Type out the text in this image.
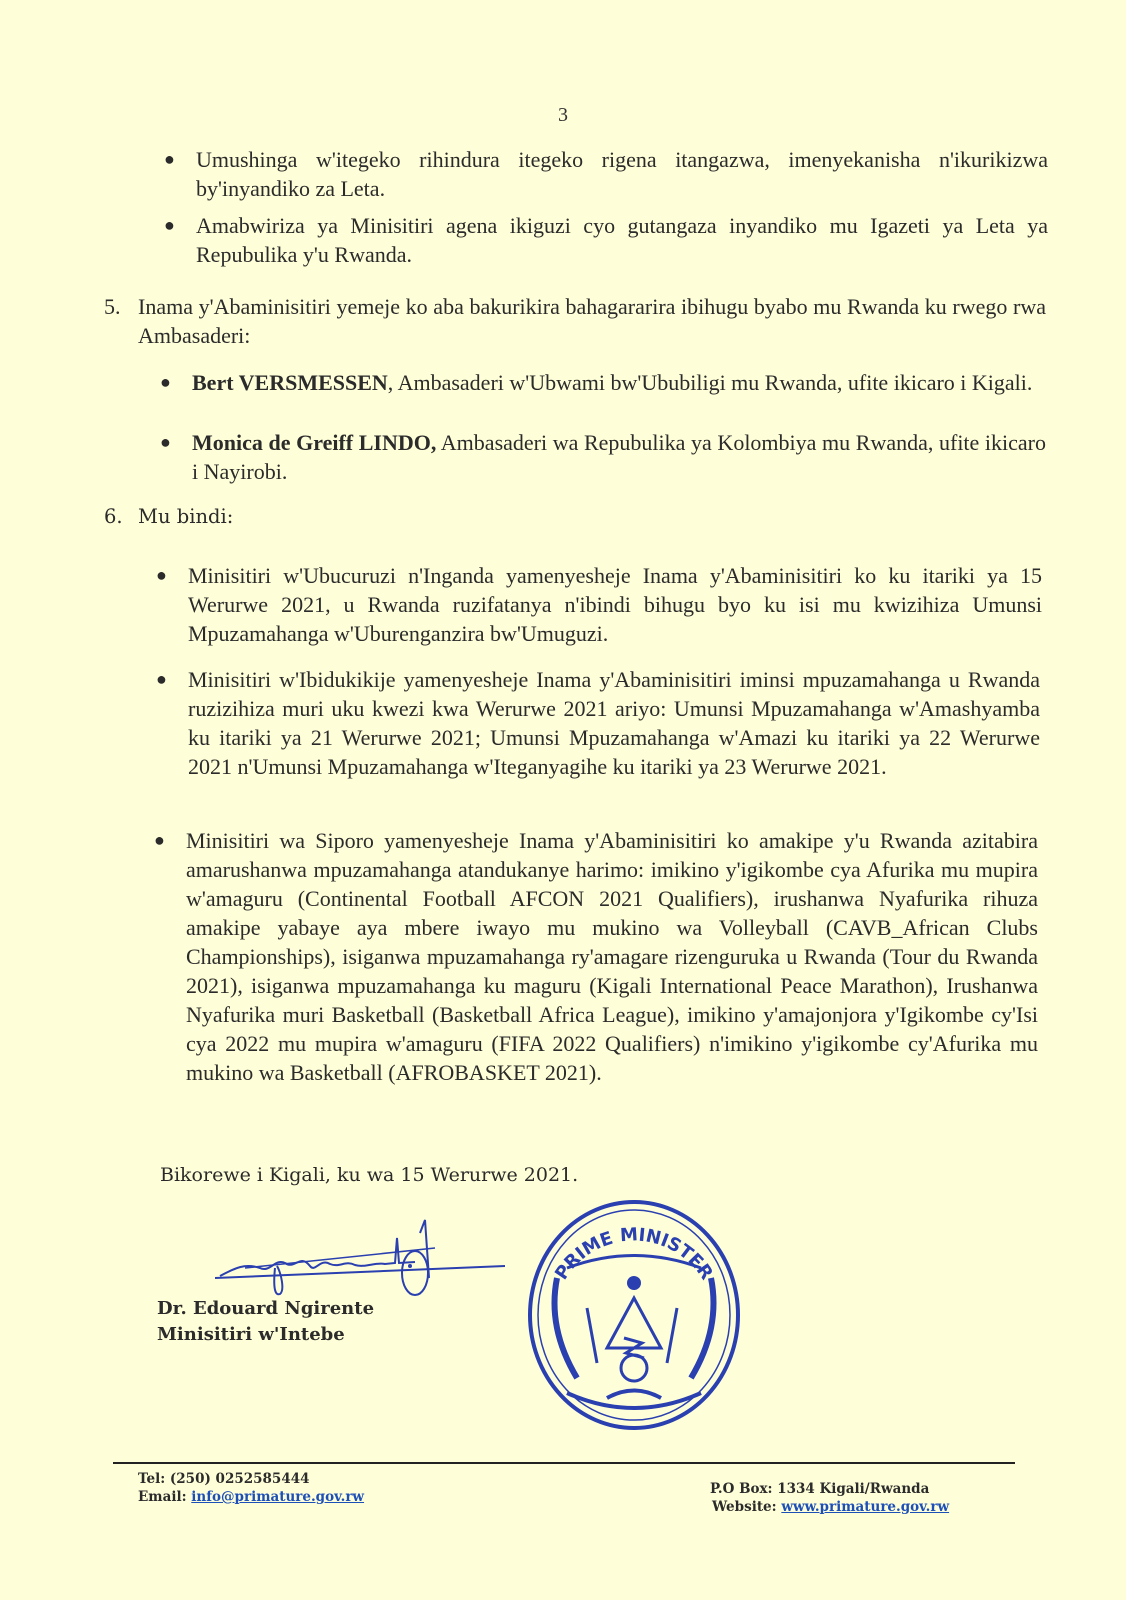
3
● Umushinga w'itegeko rihindura itegeko rigena itangazwa, imenyekanisha n'ikurikizwa by'inyandiko za Leta.
● Amabwiriza ya Minisitiri agena ikiguzi cyo gutangaza inyandiko mu Igazeti ya Leta ya Repubulika y'u Rwanda.
5. Inama y'Abaminisitiri yemeje ko aba bakurikira bahagararira ibihugu byabo mu Rwanda ku rwego rwa Ambasaderi:
● Bert VERSMESSEN, Ambasaderi w'Ubwami bw'Ububiligi mu Rwanda, ufite ikicaro i Kigali.
● Monica de Greiff LINDO, Ambasaderi wa Repubulika ya Kolombiya mu Rwanda, ufite ikicaro i Nayirobi.
6. Mu bindi:
● Minisitiri w'Ubucuruzi n'Inganda yamenyesheje Inama y'Abaminisitiri ko ku itariki ya 15 Werurwe 2021, u Rwanda ruzifatanya n'ibindi bihugu byo ku isi mu kwizihiza Umunsi Mpuzamahanga w'Uburenganzira bw'Umuguzi.
● Minisitiri w'Ibidukikije yamenyesheje Inama y'Abaminisitiri iminsi mpuzamahanga u Rwanda ruzizihiza muri uku kwezi kwa Werurwe 2021 ariyo: Umunsi Mpuzamahanga w'Amashyamba ku itariki ya 21 Werurwe 2021; Umunsi Mpuzamahanga w'Amazi ku itariki ya 22 Werurwe 2021 n'Umunsi Mpuzamahanga w'Iteganyagihe ku itariki ya 23 Werurwe 2021.
● Minisitiri wa Siporo yamenyesheje Inama y'Abaminisitiri ko amakipe y'u Rwanda azitabira amarushanwa mpuzamahanga atandukanye harimo: imikino y'igikombe cya Afurika mu mupira w'amaguru (Continental Football AFCON 2021 Qualifiers), irushanwa Nyafurika rihuza amakipe yabaye aya mbere iwayo mu mukino wa Volleyball (CAVB_African Clubs Championships), isiganwa mpuzamahanga ry'amagare rizenguruka u Rwanda (Tour du Rwanda 2021), isiganwa mpuzamahanga ku maguru (Kigali International Peace Marathon), Irushanwa Nyafurika muri Basketball (Basketball Africa League), imikino y'amajonjora y'Igikombe cy'Isi cya 2022 mu mupira w'amaguru (FIFA 2022 Qualifiers) n'imikino y'igikombe cy'Afurika mu mukino wa Basketball (AFROBASKET 2021).
Bikorewe i Kigali, ku wa 15 Werurwe 2021.
Dr. Edouard Ngirente
Minisitiri w'Intebe
PRIME MINISTER
Tel: (250) 0252585444
Email: info@primature.gov.rw	P.O Box: 1334 Kigali/Rwanda
Website: www.primature.gov.rw
